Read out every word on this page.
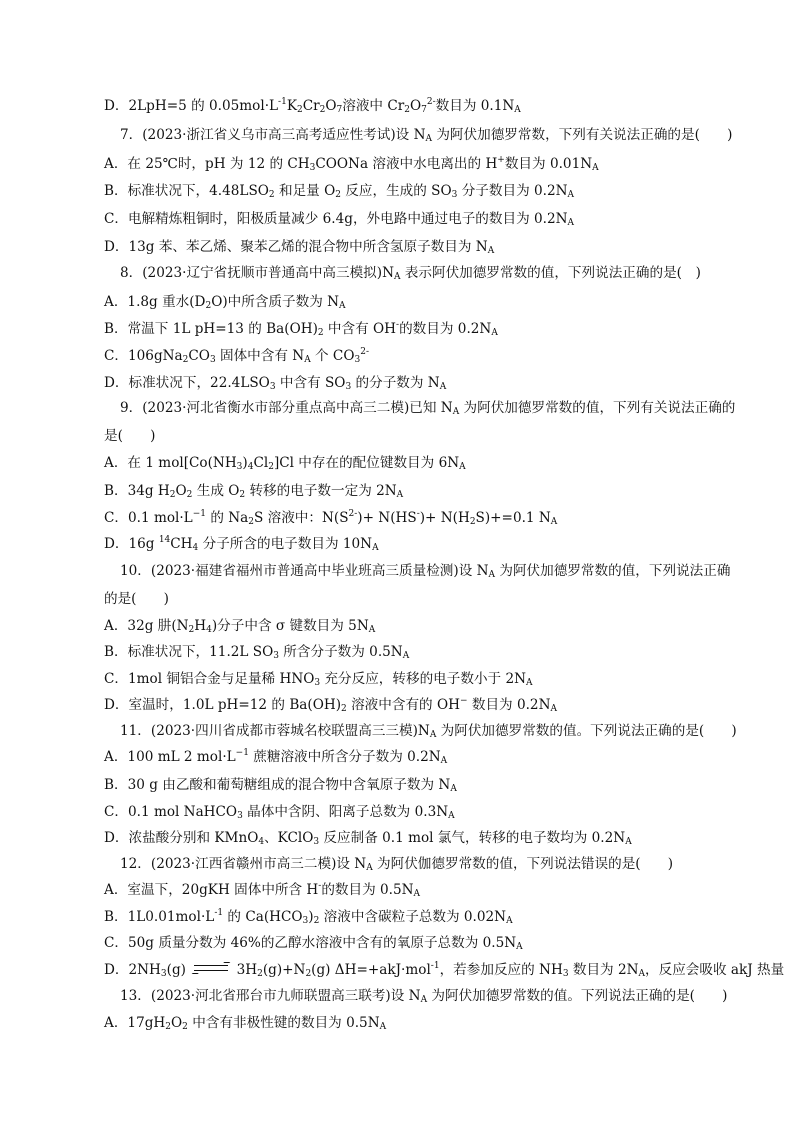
D．2LpH=5 的 $0.05mol\cdot L^{-1}K_2Cr_2O_7$溶液中 $Cr_2O_7^{2-}$数目为 $0.1N_A$
7．(2023·浙江省义乌市高三高考适应性考试)设 $N_A$ 为阿伏加德罗常数，下列有关说法正确的是(　　)
A．在 25℃时，pH 为 12 的 $CH_3COONa$ 溶液中水电离出的 H+数目为 $0.01N_A$
B．标准状况下，$4.48LSO_2$ 和足量 $O_2$ 反应，生成的 $SO_3$ 分子数目为 $0.2N_A$
C．电解精炼粗铜时，阳极质量减少 6.4g，外电路中通过电子的数目为 $0.2N_A$
D．13g 苯、苯乙烯、聚苯乙烯的混合物中所含氢原子数目为 $N_A$
8．(2023·辽宁省抚顺市普通高中高三模拟)$N_A$ 表示阿伏加德罗常数的值，下列说法正确的是(　)
A．1.8g 重水$(D_2O)$中所含质子数为 $N_A$
B．常温下 1L pH=13 的 $Ba(OH)_2$ 中含有 OH-的数目为 $0.2N_A$
C．$106gNa_2CO_3$ 固体中含有 $N_A$ 个 $CO_3^{2-}$
D．标准状况下，$22.4LSO_3$ 中含有 $SO_3$ 的分子数为 $N_A$
9．(2023·河北省衡水市部分重点高中高三二模)已知 $N_A$ 为阿伏加德罗常数的值，下列有关说法正确的
是(　　)
A．在 1 $mol[Co(NH_3)_4Cl_2]Cl$ 中存在的配位键数目为 $6N_A$
B．34g $H_2O_2$ 生成 $O_2$ 转移的电子数一定为 $2N_A$
C．0.1 $mol\cdot L^{-1}$ 的 $Na_2S$ 溶液中：$N(S^{2-})+ N(HS^-)+ N(H_2S)+=0.1$ $N_A$
D．16g $^{14}CH_4$ 分子所含的电子数目为 $10N_A$
10．(2023·福建省福州市普通高中毕业班高三质量检测)设 $N_A$ 为阿伏加德罗常数的值，下列说法正确
的是(　　)
A．32g 肼$(N_2H_4)$分子中含 σ 键数目为 $5N_A$
B．标准状况下，11.2L $SO_3$ 所含分子数为 $0.5N_A$
C．1mol 铜铝合金与足量稀 $HNO_3$ 充分反应，转移的电子数小于 $2N_A$
D．室温时，1.0L pH=12 的 $Ba(OH)_2$ 溶液中含有的 OH− 数目为 $0.2N_A$
11．(2023·四川省成都市蓉城名校联盟高三三模)$N_A$ 为阿伏加德罗常数的值。下列说法正确的是(　　)
A．100 mL 2 $mol\cdot L^{-1}$ 蔗糖溶液中所含分子数为 $0.2N_A$
B．30 g 由乙酸和葡萄糖组成的混合物中含氧原子数为 $N_A$
C．0.1 mol NaHCO$_3$ 晶体中含阴、阳离子总数为 $0.3N_A$
D．浓盐酸分别和 KMnO$_4$、KClO$_3$ 反应制备 0.1 mol 氯气，转移的电子数均为 $0.2N_A$
12．(2023·江西省赣州市高三二模)设 $N_A$ 为阿伏伽德罗常数的值，下列说法错误的是(　　)
A．室温下，20gKH 固体中所含 H-的数目为 $0.5N_A$
B．$1L0.01mol\cdot L^{-1}$ 的 $Ca(HCO_3)_2$ 溶液中含碳粒子总数为 $0.02N_A$
C．50g 质量分数为 46%的乙醇水溶液中含有的氧原子总数为 $0.5N_A$
D．$2NH_3(g)$	$3H_2(g)+N_2(g)$ ΔH=+akJ·mol$^{-1}$，若参加反应的 $NH_3$ 数目为 $2N_A$，反应会吸收 akJ 热量
13．(2023·河北省邢台市九师联盟高三联考)设 $N_A$ 为阿伏加德罗常数的值。下列说法正确的是(　　)
A．$17gH_2O_2$ 中含有非极性键的数目为 $0.5N_A$
